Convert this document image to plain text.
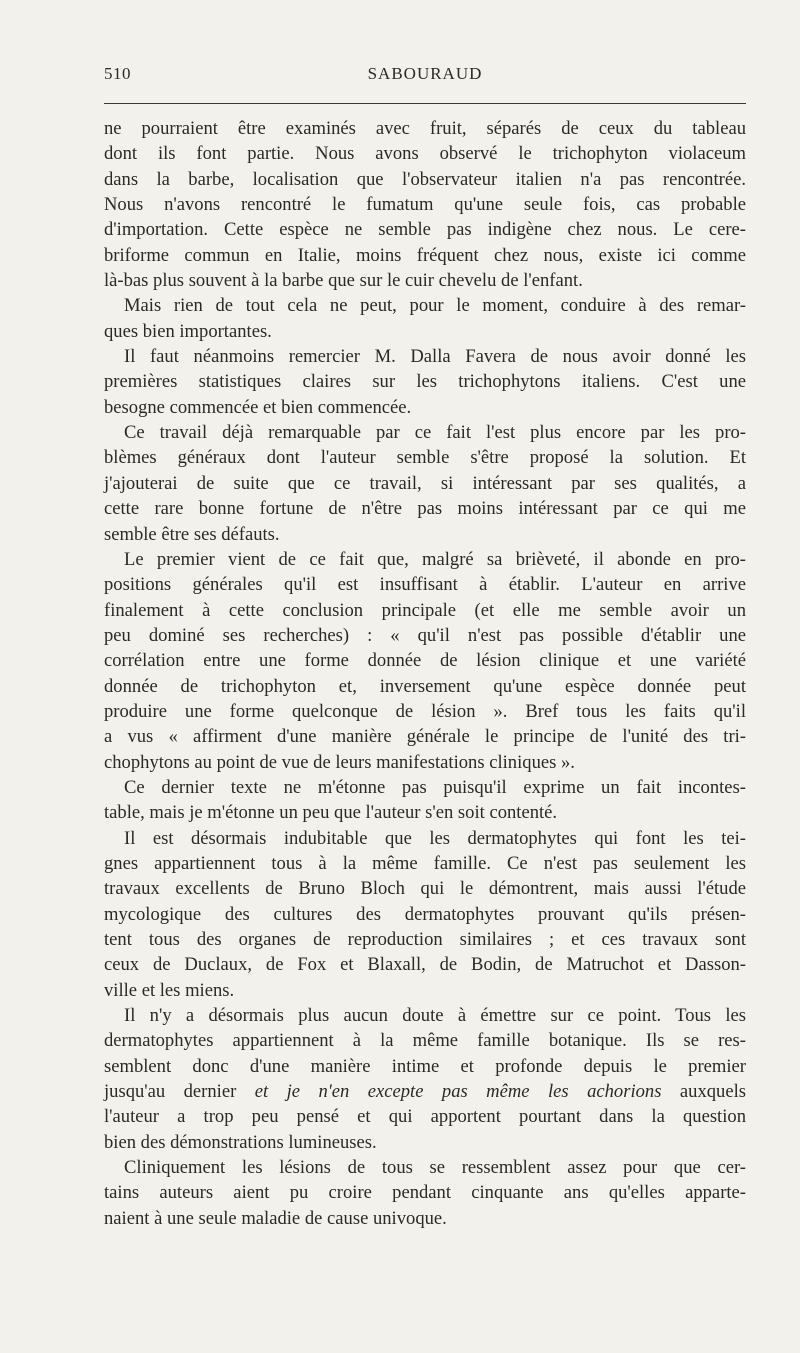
510	SABOURAUD
ne pourraient être examinés avec fruit, séparés de ceux du tableau
dont ils font partie. Nous avons observé le trichophyton violaceum
dans la barbe, localisation que l'observateur italien n'a pas rencontrée.
Nous n'avons rencontré le fumatum qu'une seule fois, cas probable
d'importation. Cette espèce ne semble pas indigène chez nous. Le cere-
briforme commun en Italie, moins fréquent chez nous, existe ici comme
là-bas plus souvent à la barbe que sur le cuir chevelu de l'enfant.
Mais rien de tout cela ne peut, pour le moment, conduire à des remar-
ques bien importantes.
Il faut néanmoins remercier M. Dalla Favera de nous avoir donné les
premières statistiques claires sur les trichophytons italiens. C'est une
besogne commencée et bien commencée.
Ce travail déjà remarquable par ce fait l'est plus encore par les pro-
blèmes généraux dont l'auteur semble s'être proposé la solution. Et
j'ajouterai de suite que ce travail, si intéressant par ses qualités, a
cette rare bonne fortune de n'être pas moins intéressant par ce qui me
semble être ses défauts.
Le premier vient de ce fait que, malgré sa brièveté, il abonde en pro-
positions générales qu'il est insuffisant à établir. L'auteur en arrive
finalement à cette conclusion principale (et elle me semble avoir un
peu dominé ses recherches) : « qu'il n'est pas possible d'établir une
corrélation entre une forme donnée de lésion clinique et une variété
donnée de trichophyton et, inversement qu'une espèce donnée peut
produire une forme quelconque de lésion ». Bref tous les faits qu'il
a vus « affirment d'une manière générale le principe de l'unité des tri-
chophytons au point de vue de leurs manifestations cliniques ».
Ce dernier texte ne m'étonne pas puisqu'il exprime un fait incontes-
table, mais je m'étonne un peu que l'auteur s'en soit contenté.
Il est désormais indubitable que les dermatophytes qui font les tei-
gnes appartiennent tous à la même famille. Ce n'est pas seulement les
travaux excellents de Bruno Bloch qui le démontrent, mais aussi l'étude
mycologique des cultures des dermatophytes prouvant qu'ils présen-
tent tous des organes de reproduction similaires ; et ces travaux sont
ceux de Duclaux, de Fox et Blaxall, de Bodin, de Matruchot et Dasson-
ville et les miens.
Il n'y a désormais plus aucun doute à émettre sur ce point. Tous les
dermatophytes appartiennent à la même famille botanique. Ils se res-
semblent donc d'une manière intime et profonde depuis le premier
jusqu'au dernier et je n'en excepte pas même les achorions auxquels
l'auteur a trop peu pensé et qui apportent pourtant dans la question
bien des démonstrations lumineuses.
Cliniquement les lésions de tous se ressemblent assez pour que cer-
tains auteurs aient pu croire pendant cinquante ans qu'elles apparte-
naient à une seule maladie de cause univoque.
